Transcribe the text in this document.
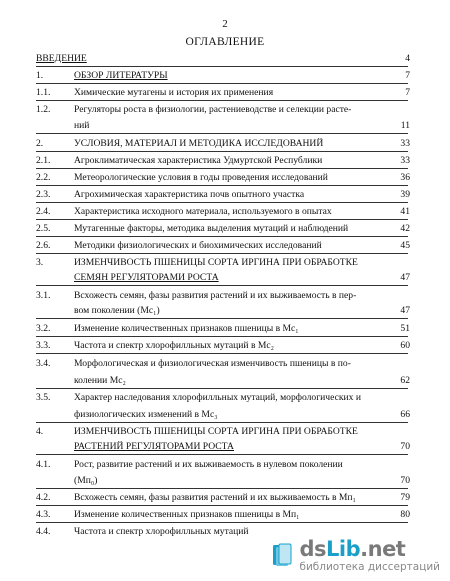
2
ОГЛАВЛЕНИЕ
ВВЕДЕНИЕ	4
1.	ОБЗОР ЛИТЕРАТУРЫ	7
1.1. Химические мутагены и история их применения	7
1.2. Регуляторы роста в физиологии, растениеводстве и селекции расте-
ний	11
2.	УСЛОВИЯ, МАТЕРИАЛ И МЕТОДИКА ИССЛЕДОВАНИЙ	33
2.1. Агроклиматическая характеристика Удмуртской Республики	33
2.2. Метеорологические условия в годы проведения исследований	36
2.3. Агрохимическая характеристика почв опытного участка	39
2.4. Характеристика исходного материала, используемого в опытах	41
2.5. Мутагенные факторы, методика выделения мутаций и наблюдений	42
2.6. Методики физиологических и биохимических исследований	45
3.	ИЗМЕНЧИВОСТЬ ПШЕНИЦЫ СОРТА ИРГИНА ПРИ ОБРАБОТКЕ
СЕМЯН РЕГУЛЯТОРАМИ РОСТА	47
3.1. Всхожесть семян, фазы развития растений и их выживаемость в пер-
вом поколении (Мс₁)	47
3.2. Изменение количественных признаков пшеницы в Мс₁	51
3.3. Частота и спектр хлорофилльных мутаций в Мс₂	60
3.4. Морфологическая и физиологическая изменчивость пшеницы в по-
колении Мс₂	62
3.5. Характер наследования хлорофилльных мутаций, морфологических и
физиологических изменений в Мс₃	66
4.	ИЗМЕНЧИВОСТЬ ПШЕНИЦЫ СОРТА ИРГИНА ПРИ ОБРАБОТКЕ
РАСТЕНИЙ РЕГУЛЯТОРАМИ РОСТА	70
4.1. Рост, развитие растений и их выживаемость в нулевом поколении
(Мп₀)	70
4.2. Всхожесть семян, фазы развития растений и их выживаемость в Мп₁	79
4.3. Изменение количественных признаков пшеницы в Мп₁	80
4.4. Частота и спектр хлорофилльных мутаций
dsLib.net
библиотека диссертаций
